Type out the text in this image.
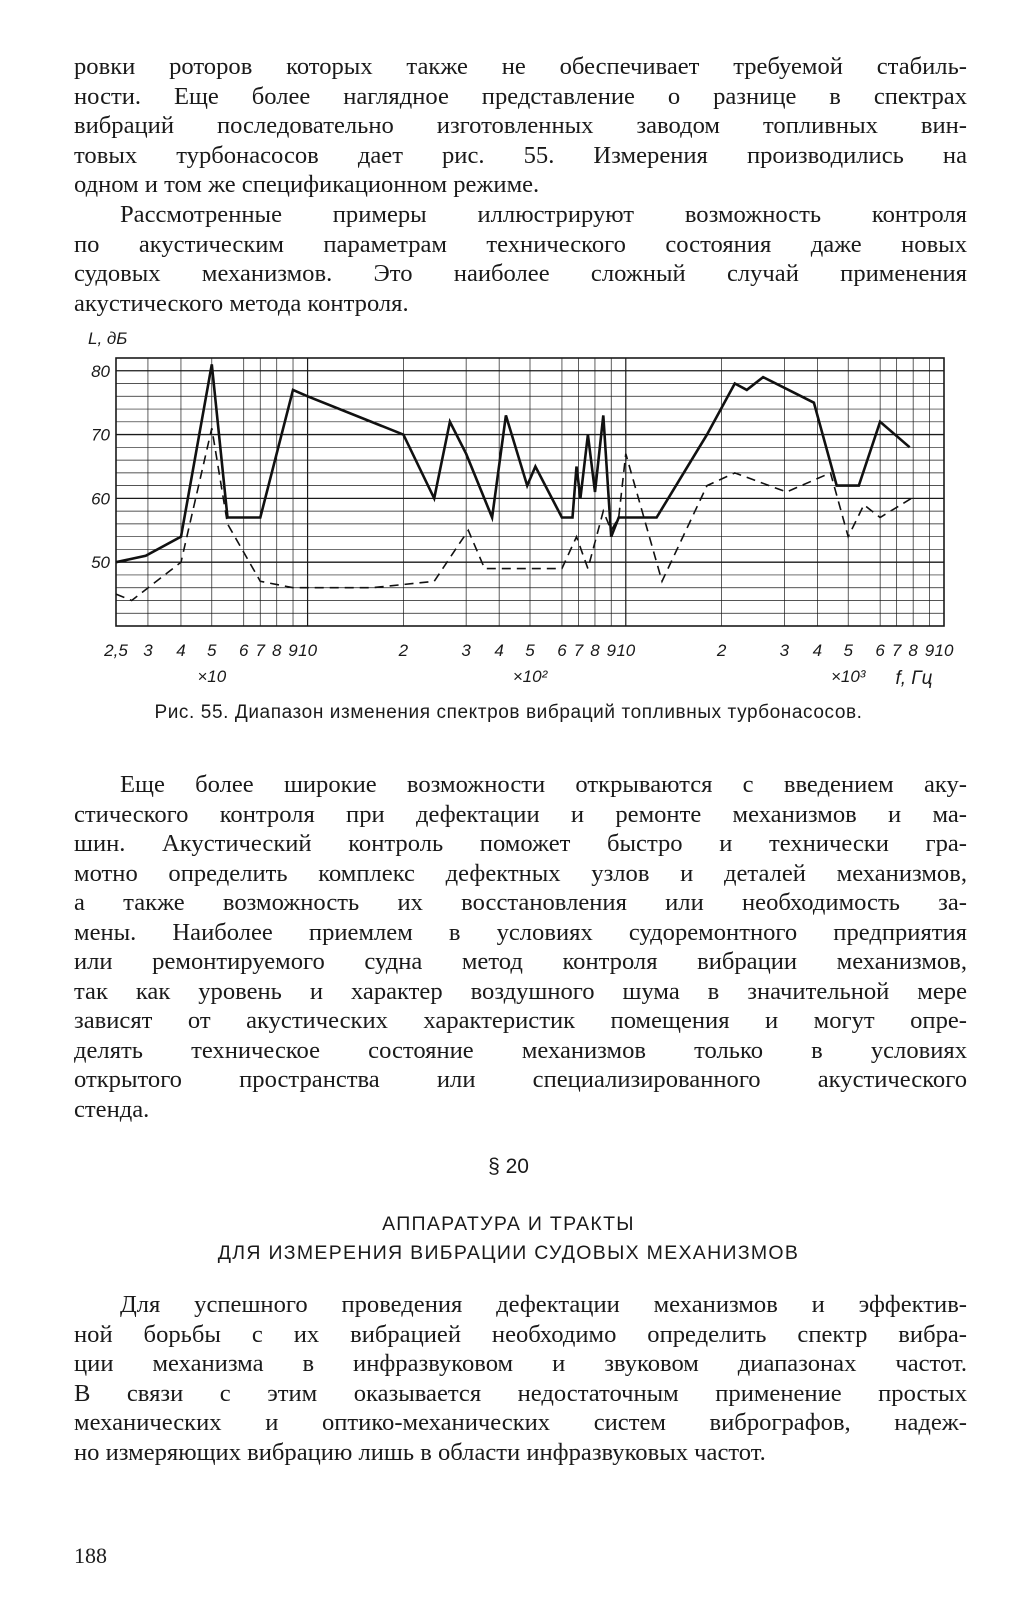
ровки роторов которых также не обеспечивает требуемой стабиль-
ности. Еще более наглядное представление о разнице в спектрах
вибраций последовательно изготовленных заводом топливных вин-
товых турбонасосов дает рис. 55. Измерения производились на
одном и том же спецификационном режиме.
Рассмотренные примеры иллюстрируют возможность контроля
по акустическим параметрам технического состояния даже новых
судовых механизмов. Это наиболее сложный случай применения
акустического метода контроля.
50
60
70
80
L, дБ
2,5 3 4 5 6 7 8 9 10	2	3 4 5 6 7 8 9 10	2	3 4 5 6 7 8 9 10
×10	×10²	×10³ f, Гц
Рис. 55. Диапазон изменения спектров вибраций топливных турбонасосов.
Еще более широкие возможности открываются с введением аку-
стического контроля при дефектации и ремонте механизмов и ма-
шин. Акустический контроль поможет быстро и технически гра-
мотно определить комплекс дефектных узлов и деталей механизмов,
а также возможность их восстановления или необходимость за-
мены. Наиболее приемлем в условиях судоремонтного предприятия
или ремонтируемого судна метод контроля вибрации механизмов,
так как уровень и характер воздушного шума в значительной мере
зависят от акустических характеристик помещения и могут опре-
делять техническое состояние механизмов только в условиях
открытого пространства или специализированного акустического
стенда.
§ 20
АППАРАТУРА И ТРАКТЫ
ДЛЯ ИЗМЕРЕНИЯ ВИБРАЦИИ СУДОВЫХ МЕХАНИЗМОВ
Для успешного проведения дефектации механизмов и эффектив-
ной борьбы с их вибрацией необходимо определить спектр вибра-
ции механизма в инфразвуковом и звуковом диапазонах частот.
В связи с этим оказывается недостаточным применение простых
механических и оптико-механических систем вибрографов, надеж-
но измеряющих вибрацию лишь в области инфразвуковых частот.
188
